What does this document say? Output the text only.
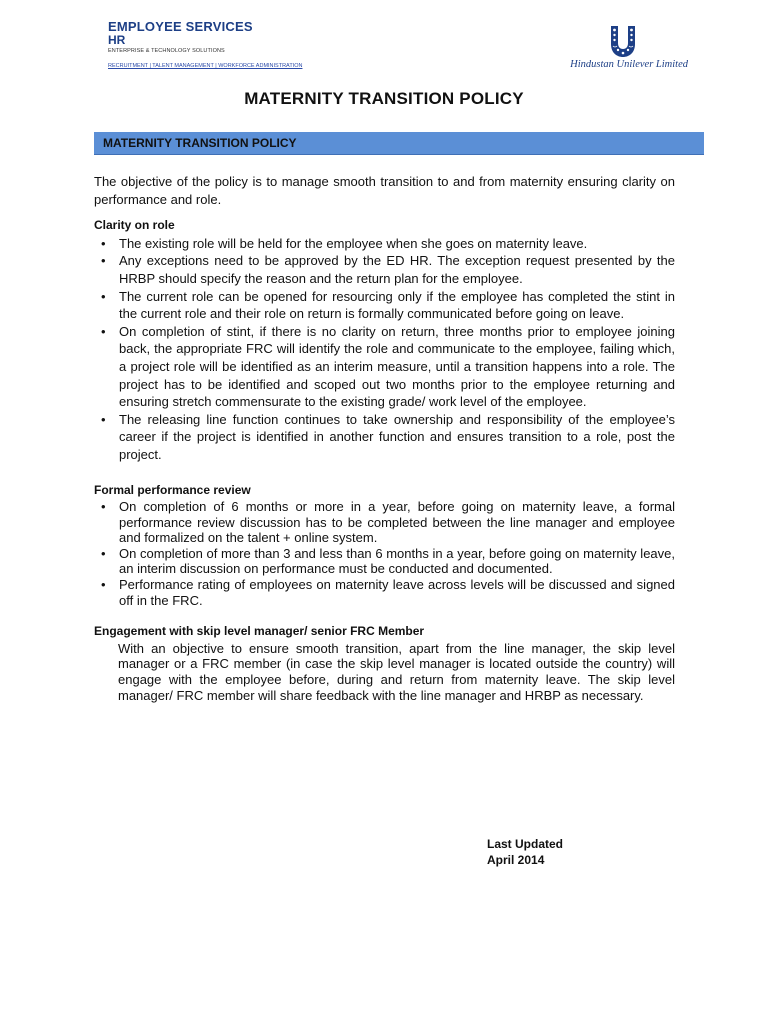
EMPLOYEE SERVICES
HR
ENTERPRISE & TECHNOLOGY SOLUTIONS
RECRUITMENT | TALENT MANAGEMENT | WORKFORCE ADMINISTRATION	Hindustan Unilever Limited
MATERNITY TRANSITION POLICY
MATERNITY TRANSITION POLICY

The objective of the policy is to manage smooth transition to and from maternity ensuring clarity on performance and role.

Clarity on role

• The existing role will be held for the employee when she goes on maternity leave.
• Any exceptions need to be approved by the ED HR. The exception request presented by the HRBP should specify the reason and the return plan for the employee.
• The current role can be opened for resourcing only if the employee has completed the stint in the current role and their role on return is formally communicated before going on leave.
• On completion of stint, if there is no clarity on return, three months prior to employee joining back, the appropriate FRC will identify the role and communicate to the employee, failing which, a project role will be identified as an interim measure, until a transition happens into a role. The project has to be identified and scoped out two months prior to the employee returning and ensuring stretch commensurate to the existing grade/ work level of the employee.
• The releasing line function continues to take ownership and responsibility of the employee’s career if the project is identified in another function and ensures transition to a role, post the project.

Formal performance review

• On completion of 6 months or more in a year, before going on maternity leave, a formal performance review discussion has to be completed between the line manager and employee and formalized on the talent + online system.
• On completion of more than 3 and less than 6 months in a year, before going on maternity leave, an interim discussion on performance must be conducted and documented.
• Performance rating of employees on maternity leave across levels will be discussed and signed off in the FRC.

Engagement with skip level manager/ senior FRC Member

With an objective to ensure smooth transition, apart from the line manager, the skip level manager or a FRC member (in case the skip level manager is located outside the country) will engage with the employee before, during and return from maternity leave. The skip level manager/ FRC member will share feedback with the line manager and HRBP as necessary.

Last Updated
April 2014
